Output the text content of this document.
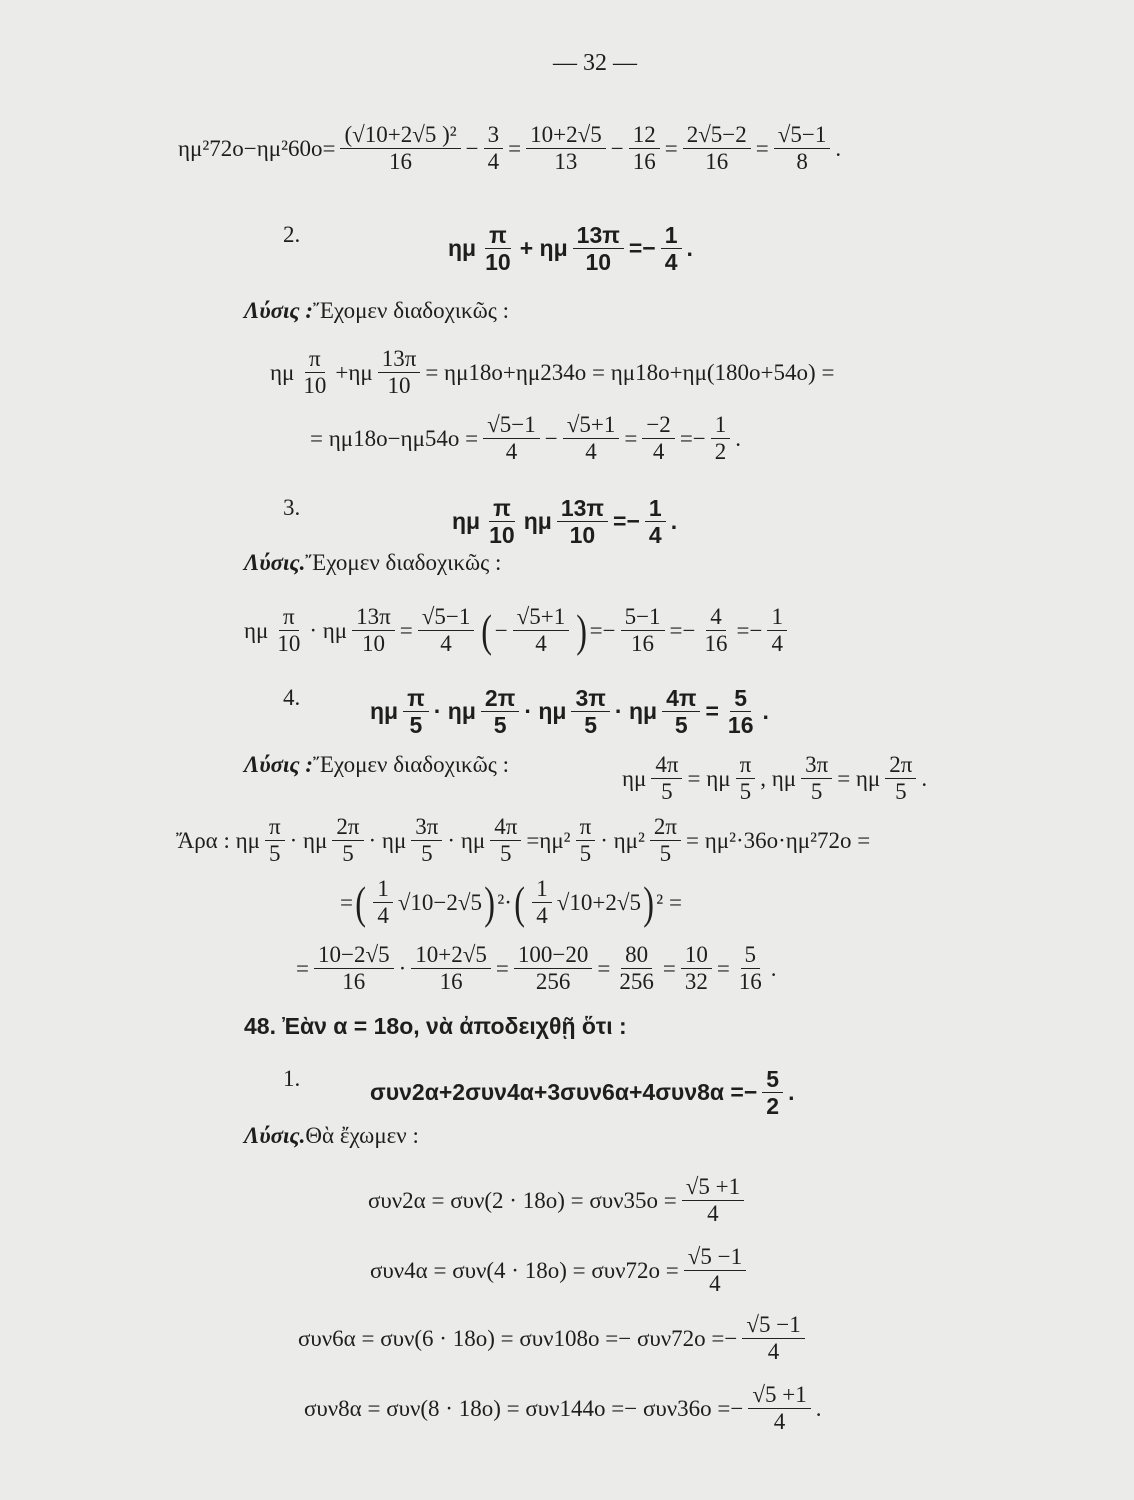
— 32 —
$\eta\mu^272o-\eta\mu^260o= \frac{\text{(√10+2√5 )²}}{16} - \frac{3}{4} = \frac{10+2√5}{13} - \frac{12}{16} = \frac{2√5-2}{16} = \frac{√5-1}{8}$ .
2.
ημ $\frac{\pi}{10} + \eta\mu \frac{13\pi}{10} =- \frac{1}{4}$ .
Λύσις : Ἔχομεν διαδοχικῶς :
ημ $\frac{\pi}{10} +\eta\mu \frac{13\pi}{10} = \eta\mu 18o+\eta\mu 234o = \eta\mu 18o+\eta\mu(180o+54o)$ =
= $\eta\mu 18o-\eta\mu 54o = \frac{√5-1}{4} - \frac{√5+1}{4} = \frac{-2}{4} =- \frac{1}{2}$ .
3.
ημ $\frac{\pi}{10}$ ημ $\frac{13\pi}{10} =- \frac{1}{4}$ .
Λύσις. Ἔχομεν διαδοχικῶς :
ημ $\frac{\pi}{10} \cdot \eta\mu \frac{13\pi}{10} = \frac{√5-1}{4}$ ( − $\frac{√5+1}{4}$ ) =− $\frac{5-1}{16} =- \frac{4}{16} =- \frac{1}{4}$
4.
ημ $\frac{\pi}{5} \cdot \eta\mu \frac{2\pi}{5} \cdot \eta\mu \frac{3\pi}{5} \cdot \eta\mu \frac{4\pi}{5} = \frac{5}{16}$ .
Λύσις : Ἔχομεν διαδοχικῶς :
ημ $\frac{4\pi}{5} = \eta\mu \frac{\pi}{5}$ , ημ $\frac{3\pi}{5} = \eta\mu \frac{2\pi}{5}$ .
Ἄρα : ημ $\frac{\pi}{5} \cdot \eta\mu \frac{2\pi}{5} \cdot \eta\mu \frac{3\pi}{5} \cdot \eta\mu \frac{4\pi}{5} =\eta\mu^2 \frac{\pi}{5} \cdot \eta\mu^2 \frac{2\pi}{5} = \eta\mu^2\cdot 36o\cdot\eta\mu^272o$ =
= ( $\frac{1}{4} √10-2√5$ ) ²· ( $\frac{1}{4} √10+2√5$ ) ² =
= $\frac{10-2√5}{16} \cdot \frac{10+2√5}{16} = \frac{100-20}{256} = \frac{80}{256} = \frac{10}{32} = \frac{5}{16}$ .
48. Ἐὰν α = 18ο, νὰ ἀποδειχθῇ ὅτι :
1.
$\sigma\upsilon\nu 2\alpha+2\sigma\upsilon\nu 4\alpha+3\sigma\upsilon\nu 6\alpha+4\sigma\upsilon\nu 8\alpha =- \frac{5}{2}$ .
Λύσις. Θὰ ἔχωμεν :
$\sigma\upsilon\nu 2\alpha = \sigma\upsilon\nu(2 \cdot 18o) = \sigma\upsilon\nu 35o = \frac{√5 +1}{4}$
$\sigma\upsilon\nu 4\alpha = \sigma\upsilon\nu(4 \cdot 18o) = \sigma\upsilon\nu 72o = \frac{√5 -1}{4}$
$\sigma\upsilon\nu 6\alpha = \sigma\upsilon\nu(6 \cdot 18o) = \sigma\upsilon\nu 108o =- \sigma\upsilon\nu 72o =- \frac{√5 -1}{4}$
$\sigma\upsilon\nu 8\alpha = \sigma\upsilon\nu(8 \cdot 18o) = \sigma\upsilon\nu 144o =- \sigma\upsilon\nu 36o =- \frac{√5 +1}{4}$ .
